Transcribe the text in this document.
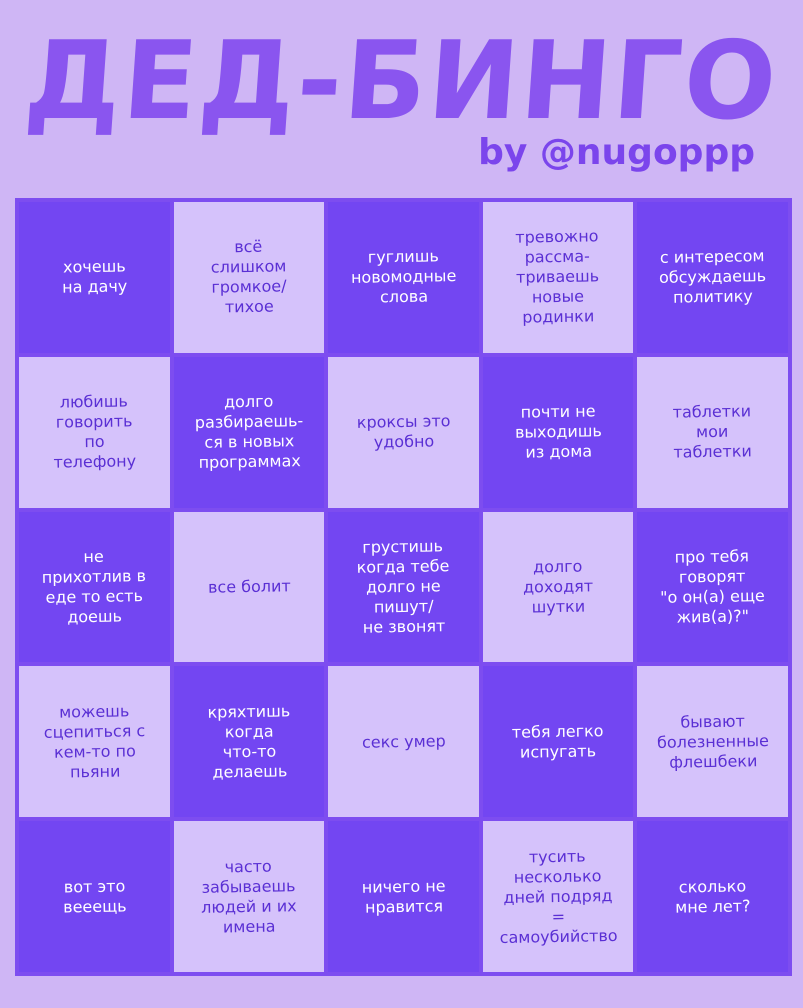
ДЕД-БИНГО
by @nugoppp
хочешь
на дачу
всё
слишком
громкое/
тихое
гуглишь
новомодные
слова
тревожно
рассма-
триваешь
новые
родинки
с интересом
обсуждаешь
политику
любишь
говорить
по
телефону
долго
разбираешь-
ся в новых
программах
кроксы это
удобно
почти не
выходишь
из дома
таблетки
мои
таблетки
не
прихотлив в
еде то есть
доешь
все болит
грустишь
когда тебе
долго не
пишут/
не звонят
долго
доходят
шутки
про тебя
говорят
"о он(а) еще
жив(а)?"
можешь
сцепиться с
кем-то по
пьяни
кряхтишь
когда
что-то
делаешь
секс умер	тебя легко
испугать
бывают
болезненные
флешбеки
вот это
вееещь
часто
забываешь
людей и их
имена
ничего не
нравится
тусить
несколько
дней подряд
=
самоубийство
сколько
мне лет?
